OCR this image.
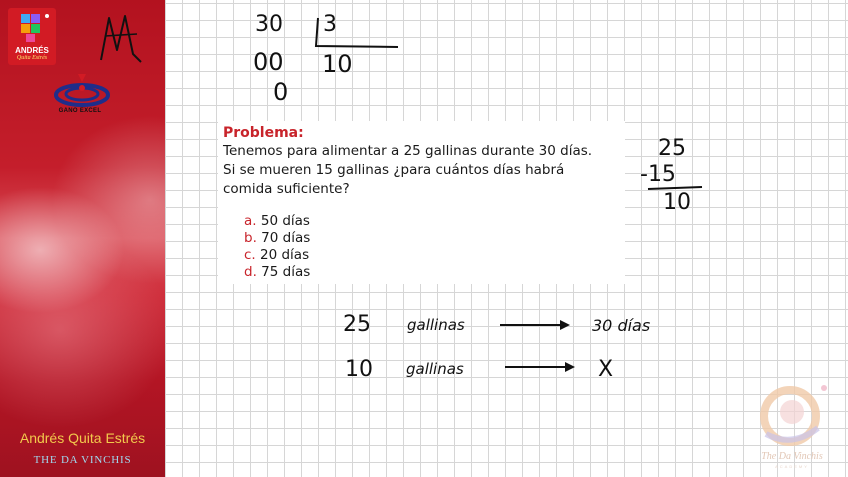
ANDRÉS
Quita Estrés
GANO EXCEL
Andrés Quita Estrés
THE DA VINCHIS
30 3
00 10
0
Problema:
Tenemos para alimentar a 25 gallinas durante 30 días.
Si se mueren 15 gallinas ¿para cuántos días habrá
comida suficiente?
a. 50 días
b. 70 días
c. 20 días
d. 75 días
25
-15
10
25 gallinas	30 días
10 gallinas	X
The Da Vinchis
ACADEMY
